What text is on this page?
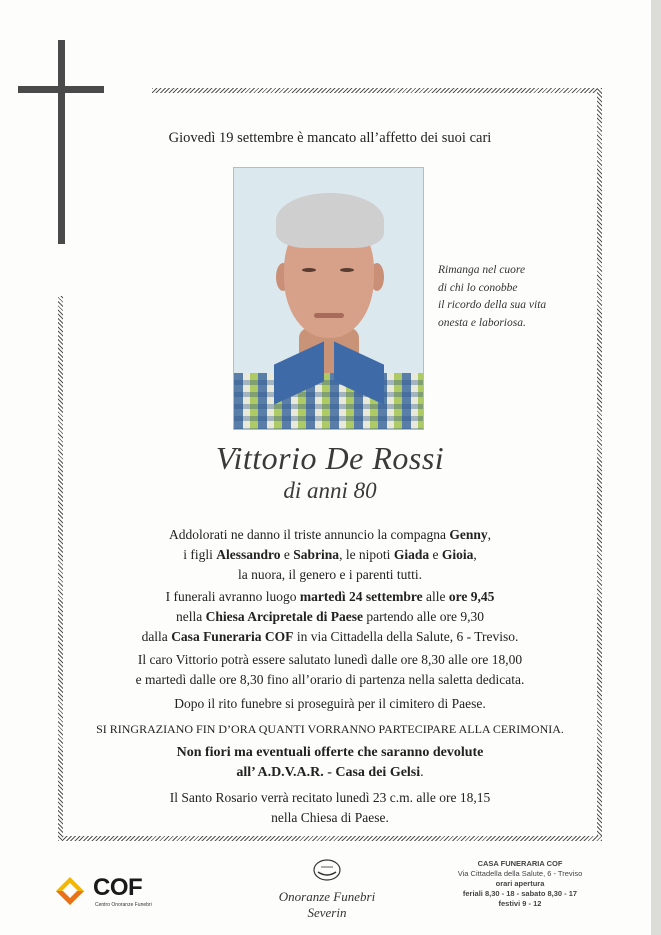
Giovedì 19 settembre è mancato all’affetto dei suoi cari
Rimanga nel cuore
di chi lo conobbe
il ricordo della sua vita
onesta e laboriosa.
Vittorio De Rossi
di anni 80
Addolorati ne danno il triste annuncio la compagna Genny,
i figli Alessandro e Sabrina, le nipoti Giada e Gioia,
la nuora, il genero e i parenti tutti.
I funerali avranno luogo martedì 24 settembre alle ore 9,45
nella Chiesa Arcipretale di Paese partendo alle ore 9,30
dalla Casa Funeraria COF in via Cittadella della Salute, 6 - Treviso.
Il caro Vittorio potrà essere salutato lunedì dalle ore 8,30 alle ore 18,00
e martedì dalle ore 8,30 fino all’orario di partenza nella saletta dedicata.
Dopo il rito funebre si proseguirà per il cimitero di Paese.
SI RINGRAZIANO FIN D’ORA QUANTI VORRANNO PARTECIPARE ALLA CERIMONIA.
Non fiori ma eventuali offerte che saranno devolute
all’ A.D.V.A.R. - Casa dei Gelsi.
Il Santo Rosario verrà recitato lunedì 23 c.m. alle ore 18,15
nella Chiesa di Paese.
COF
Centro Onoranze Funebri
Onoranze Funebri
Severin
CASA FUNERARIA COF
Via Cittadella della Salute, 6 - Treviso
orari apertura
feriali 8,30 - 18 - sabato 8,30 - 17
festivi 9 - 12
